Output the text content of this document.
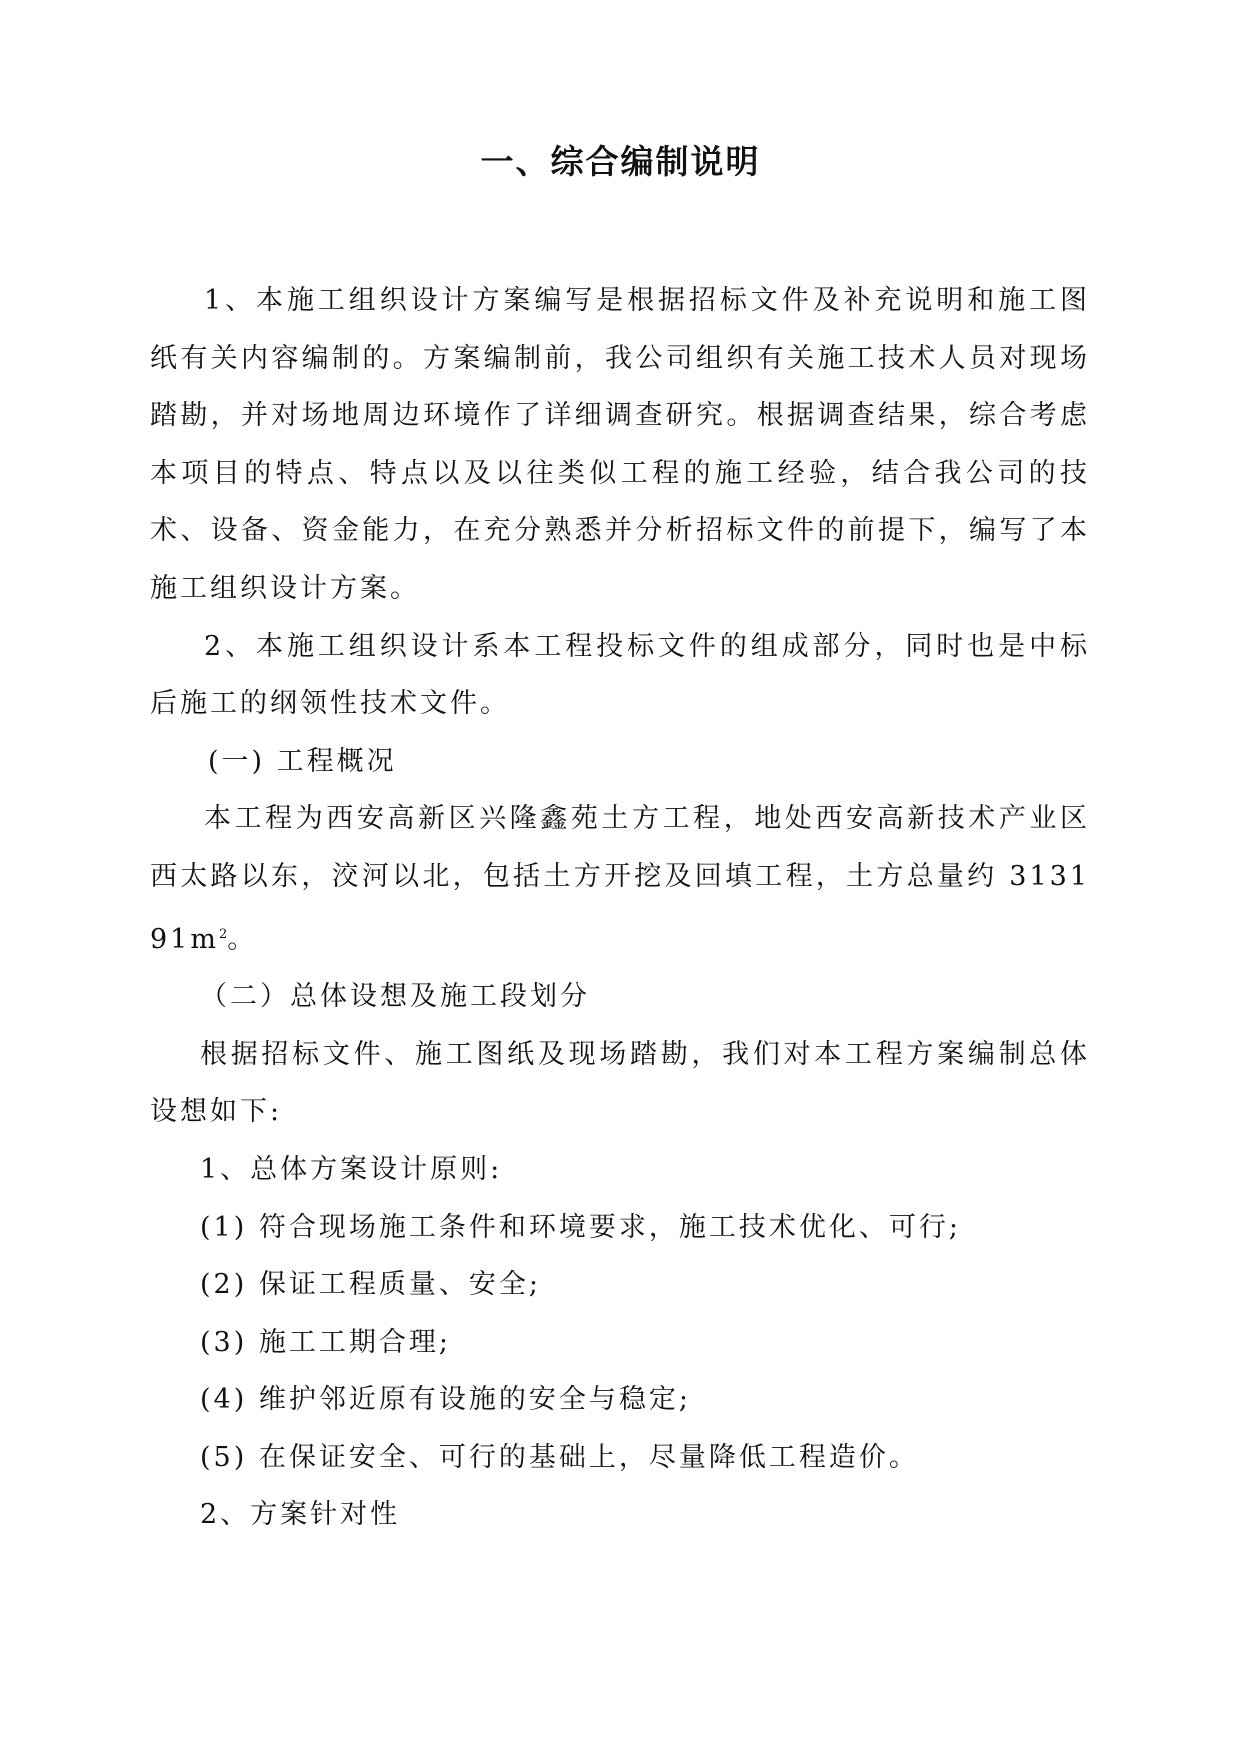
一、综合编制说明

1、本施工组织设计方案编写是根据招标文件及补充说明和施工图纸有关内容编制的。方案编制前，我公司组织有关施工技术人员对现场踏勘，并对场地周边环境作了详细调查研究。根据调查结果，综合考虑本项目的特点、特点以及以往类似工程的施工经验，结合我公司的技术、设备、资金能力，在充分熟悉并分析招标文件的前提下，编写了本施工组织设计方案。

2、本施工组织设计系本工程投标文件的组成部分，同时也是中标后施工的纲领性技术文件。

(一) 工程概况

本工程为西安高新区兴隆鑫苑土方工程，地处西安高新技术产业区西太路以东，洨河以北，包括土方开挖及回填工程，土方总量约 $313191m^2$。

（二）总体设想及施工段划分

根据招标文件、施工图纸及现场踏勘，我们对本工程方案编制总体设想如下:

1、总体方案设计原则:

(1) 符合现场施工条件和环境要求，施工技术优化、可行;

(2) 保证工程质量、安全;

(3) 施工工期合理;

(4) 维护邻近原有设施的安全与稳定;

(5) 在保证安全、可行的基础上，尽量降低工程造价。

2、方案针对性
